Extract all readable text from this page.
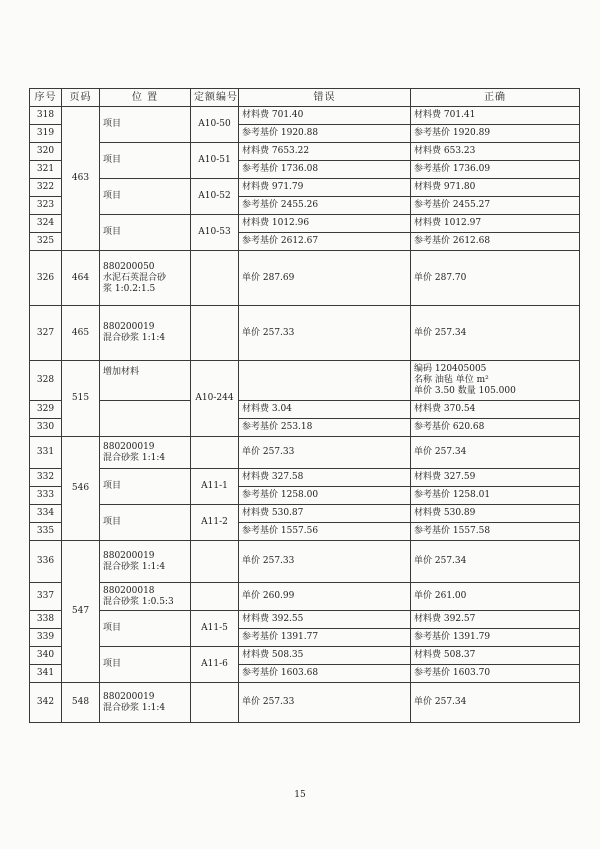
序号	页码	位 置	定额编号	错误	正确
318	463	项目	A10-50	材料费 701.40	材料费 701.41
319				参考基价 1920.88	参考基价 1920.89
320		项目	A10-51	材料费 7653.22	材料费 653.23
321				参考基价 1736.08	参考基价 1736.09
322		项目	A10-52	材料费 971.79	材料费 971.80
323				参考基价 2455.26	参考基价 2455.27
324		项目	A10-53	材料费 1012.96	材料费 1012.97
325				参考基价 2612.67	参考基价 2612.68
326	464	880200050
水泥石英混合砂
浆 1:0.2:1.5		单价 287.69	单价 287.70
327	465	880200019
混合砂浆 1:1:4		单价 257.33	单价 257.34
328	515	增加材料	A10-244		编码 120405005
名称 油毡 单位 m²
单价 3.50 数量 105.000

329				材料费 3.04	材料费 370.54
330				参考基价 253.18	参考基价 620.68
331	546	880200019
混合砂浆 1:1:4		单价 257.33	单价 257.34
332		项目	A11-1	材料费 327.58	材料费 327.59
333				参考基价 1258.00	参考基价 1258.01
334		项目	A11-2	材料费 530.87	材料费 530.89
335				参考基价 1557.56	参考基价 1557.58
336	547	880200019
混合砂浆 1:1:4		单价 257.33	单价 257.34
337		880200018
混合砂浆 1:0.5:3		单价 260.99	单价 261.00
338		项目	A11-5	材料费 392.55	材料费 392.57
339				参考基价 1391.77	参考基价 1391.79
340		项目	A11-6	材料费 508.35	材料费 508.37
341				参考基价 1603.68	参考基价 1603.70
342	548	880200019
混合砂浆 1:1:4		单价 257.33	单价 257.34
15
